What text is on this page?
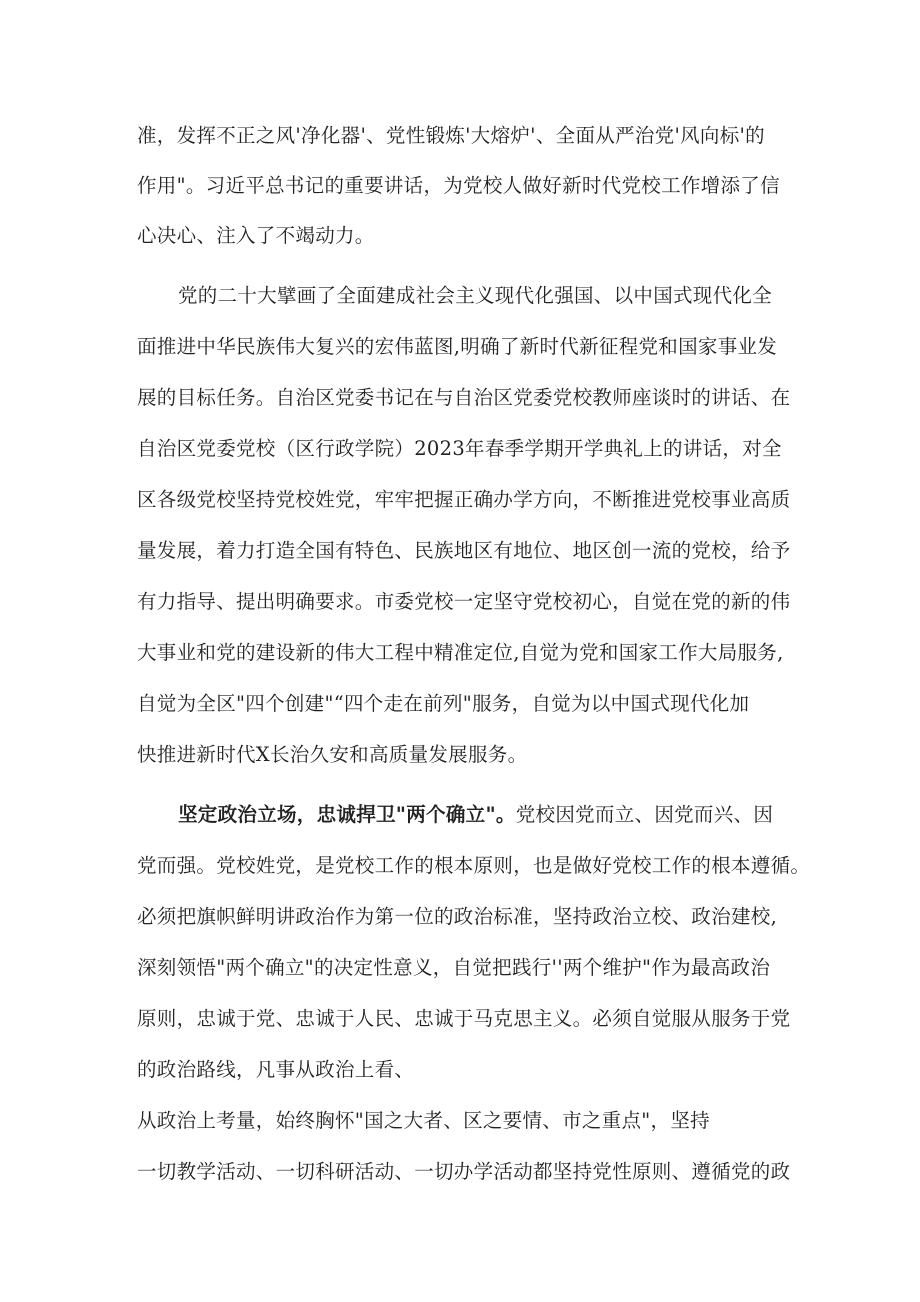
准，发挥不正之风'净化器'、党性锻炼'大熔炉'、全面从严治党'风向标'的
作用"。习近平总书记的重要讲话，为党校人做好新时代党校工作增添了信
心决心、注入了不竭动力。
党的二十大擘画了全面建成社会主义现代化强国、以中国式现代化全
面推进中华民族伟大复兴的宏伟蓝图,明确了新时代新征程党和国家事业发
展的目标任务。自治区党委书记在与自治区党委党校教师座谈时的讲话、在
自治区党委党校（区行政学院）2023年春季学期开学典礼上的讲话，对全
区各级党校坚持党校姓党，牢牢把握正确办学方向，不断推进党校事业高质
量发展，着力打造全国有特色、民族地区有地位、地区创一流的党校，给予
有力指导、提出明确要求。市委党校一定坚守党校初心，自觉在党的新的伟
大事业和党的建设新的伟大工程中精准定位,自觉为党和国家工作大局服务,
自觉为全区"四个创建"“四个走在前列"服务，自觉为以中国式现代化加
快推进新时代X长治久安和高质量发展服务。
坚定政治立场，忠诚捍卫"两个确立"。党校因党而立、因党而兴、因
党而强。党校姓党，是党校工作的根本原则，也是做好党校工作的根本遵循。
必须把旗帜鲜明讲政治作为第一位的政治标准，坚持政治立校、政治建校,
深刻领悟"两个确立"的决定性意义，自觉把践行''两个维护"作为最高政治
原则，忠诚于党、忠诚于人民、忠诚于马克思主义。必须自觉服从服务于党
的政治路线，凡事从政治上看、
从政治上考量，始终胸怀"国之大者、区之要情、市之重点"，坚持
一切教学活动、一切科研活动、一切办学活动都坚持党性原则、遵循党的政
